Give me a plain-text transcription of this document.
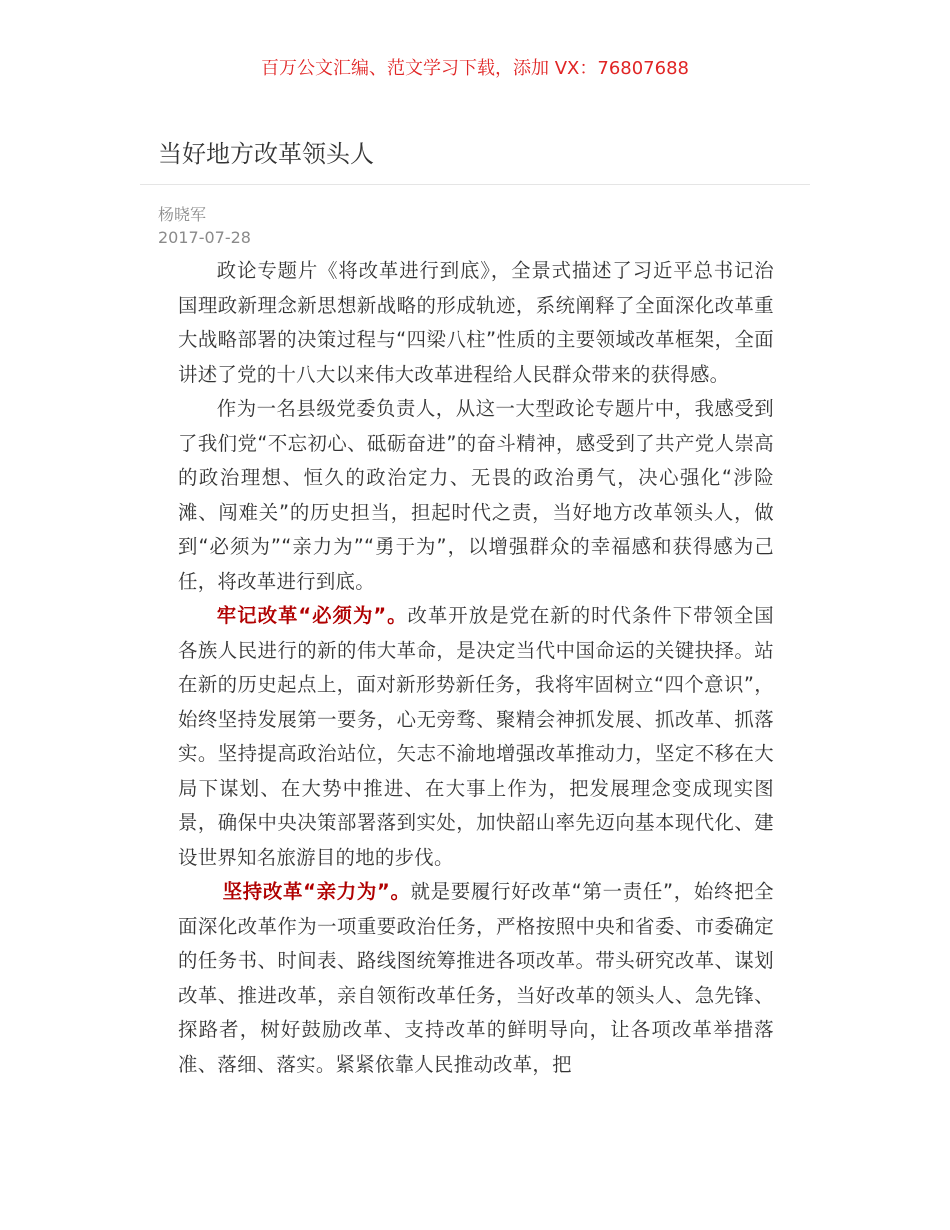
百万公文汇编、范文学习下载，添加 VX：76807688
当好地方改革领头人
杨晓军
2017-07-28

政论专题片《将改革进行到底》，全景式描述了习近平总书记治国理政新理念新思想新战略的形成轨迹，系统阐释了全面深化改革重大战略部署的决策过程与“四梁八柱”性质的主要领域改革框架，全面讲述了党的十八大以来伟大改革进程给人民群众带来的获得感。

作为一名县级党委负责人，从这一大型政论专题片中，我感受到了我们党“不忘初心、砥砺奋进”的奋斗精神，感受到了共产党人崇高的政治理想、恒久的政治定力、无畏的政治勇气，决心强化“涉险滩、闯难关”的历史担当，担起时代之责，当好地方改革领头人，做到“必须为”“亲力为”“勇于为”，以增强群众的幸福感和获得感为己任，将改革进行到底。

牢记改革“必须为”。改革开放是党在新的时代条件下带领全国各族人民进行的新的伟大革命，是决定当代中国命运的关键抉择。站在新的历史起点上，面对新形势新任务，我将牢固树立“四个意识”，始终坚持发展第一要务，心无旁骛、聚精会神抓发展、抓改革、抓落实。坚持提高政治站位，矢志不渝地增强改革推动力，坚定不移在大局下谋划、在大势中推进、在大事上作为，把发展理念变成现实图景，确保中央决策部署落到实处，加快韶山率先迈向基本现代化、建设世界知名旅游目的地的步伐。

坚持改革“亲力为”。就是要履行好改革“第一责任”，始终把全面深化改革作为一项重要政治任务，严格按照中央和省委、市委确定的任务书、时间表、路线图统筹推进各项改革。带头研究改革、谋划改革、推进改革，亲自领衔改革任务，当好改革的领头人、急先锋、探路者，树好鼓励改革、支持改革的鲜明导向，让各项改革举措落准、落细、落实。紧紧依靠人民推动改革，把
